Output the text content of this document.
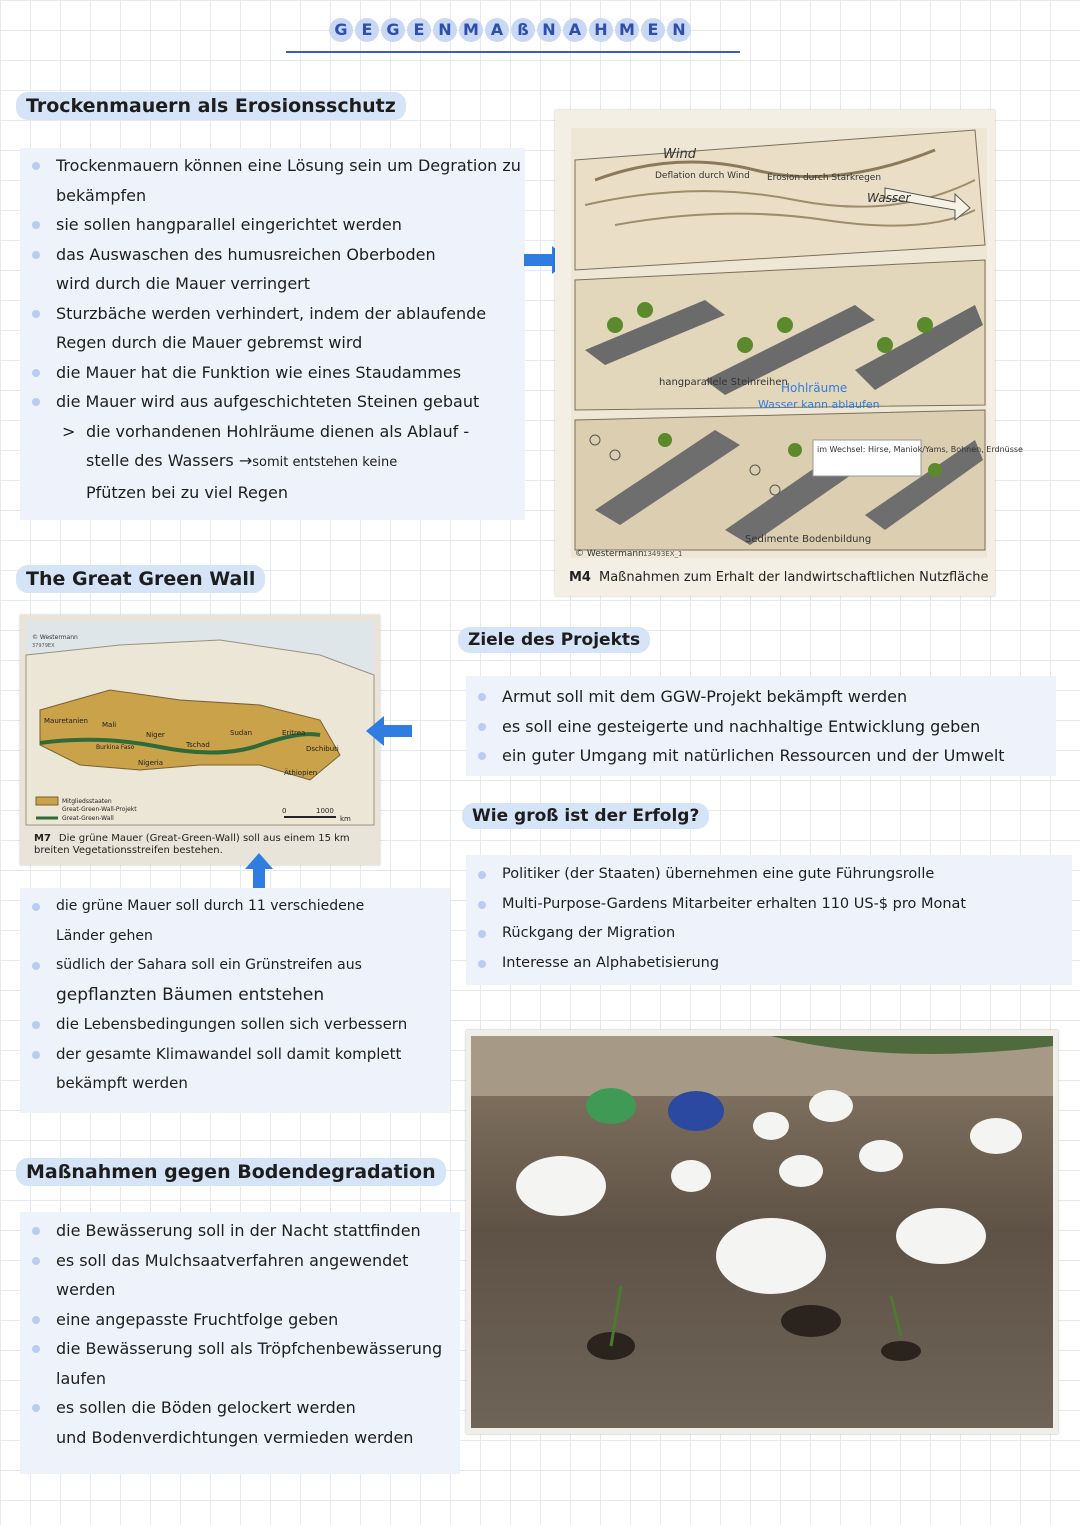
G E G E N M A ß N A H M E N
Trockenmauern als Erosionsschutz
Trockenmauern können eine Lösung sein um Degration zu
bekämpfen
sie sollen hangparallel eingerichtet werden
das Auswaschen des humusreichen Oberboden
wird durch die Mauer verringert
Sturzbäche werden verhindert, indem der ablaufende
Regen durch die Mauer gebremst wird
die Mauer hat die Funktion wie eines Staudammes
die Mauer wird aus aufgeschichteten Steinen gebaut
> die vorhandenen Hohlräume dienen als Ablauf -
stelle des Wassers →somit entstehen keine
Pfützen bei zu viel Regen
Wind
Deflation durch Wind Erosion durch Starkregen
Wasser
hangparallele Steinreihen
Hohlräume
Wasser kann ablaufen
im Wechsel: Hirse, Maniok/Yams, Bohnen, Erdnüsse
Sedimente Bodenbildung
© Westermann 13493EX_1
M4 Maßnahmen zum Erhalt der landwirtschaftlichen Nutzfläche
The Great Green Wall
Mauretanien Mali
Niger
Tschad
Sudan	Eritrea
Dschibuti
Äthiopien
Nigeria
Burkina Faso
© Westermann
37979EX
Mitgliedsstaaten
Great-Green-Wall-Projekt
Great-Green-Wall
0	1000
km
M7 Die grüne Mauer (Great-Green-Wall) soll aus einem 15 km breiten Vegetationsstreifen bestehen.
die grüne Mauer soll durch 11 verschiedene
Länder gehen
südlich der Sahara soll ein Grünstreifen aus
gepflanzten Bäumen entstehen
die Lebensbedingungen sollen sich verbessern
der gesamte Klimawandel soll damit komplett
bekämpft werden
Ziele des Projekts
Armut soll mit dem GGW-Projekt bekämpft werden
es soll eine gesteigerte und nachhaltige Entwicklung geben
ein guter Umgang mit natürlichen Ressourcen und der Umwelt
Wie groß ist der Erfolg?
Politiker (der Staaten) übernehmen eine gute Führungsrolle
Multi-Purpose-Gardens Mitarbeiter erhalten 110 US-$ pro Monat
Rückgang der Migration
Interesse an Alphabetisierung
Maßnahmen gegen Bodendegradation
die Bewässerung soll in der Nacht stattfinden
es soll das Mulchsaatverfahren angewendet
werden
eine angepasste Fruchtfolge geben
die Bewässerung soll als Tröpfchenbewässerung
laufen
es sollen die Böden gelockert werden
und Bodenverdichtungen vermieden werden
